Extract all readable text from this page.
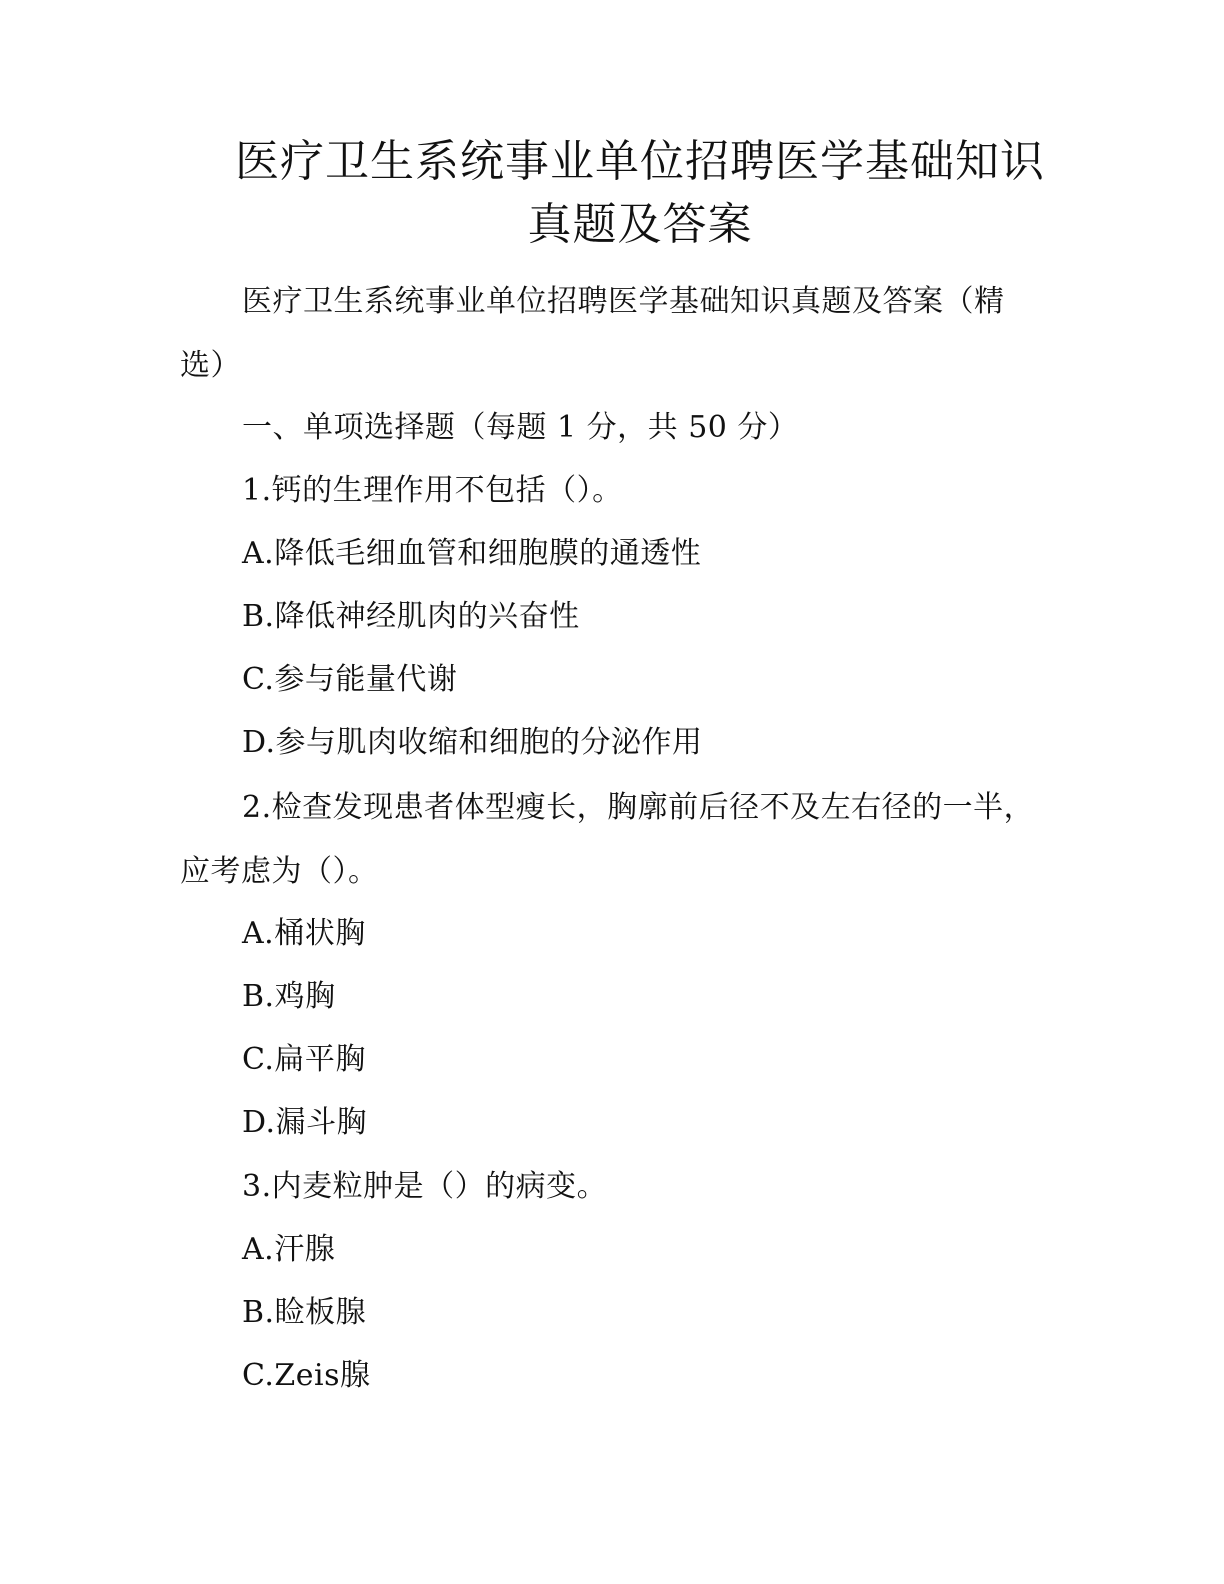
医疗卫生系统事业单位招聘医学基础知识
真题及答案
医疗卫生系统事业单位招聘医学基础知识真题及答案（精选）
一、单项选择题（每题 1 分，共 50 分）
1.钙的生理作用不包括（）。
A.降低毛细血管和细胞膜的通透性
B.降低神经肌肉的兴奋性
C.参与能量代谢
D.参与肌肉收缩和细胞的分泌作用
2.检查发现患者体型瘦长，胸廓前后径不及左右径的一半，应考虑为（）。
A.桶状胸
B.鸡胸
C.扁平胸
D.漏斗胸
3.内麦粒肿是（）的病变。
A.汗腺
B.睑板腺
C.Zeis腺
